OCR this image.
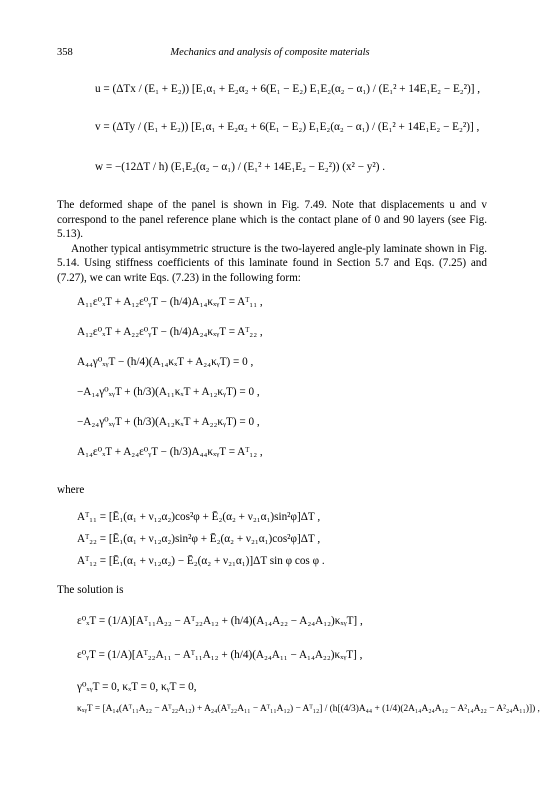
358	Mechanics and analysis of composite materials
u = (ΔTx / (E₁ + E₂)) [E₁α₁ + E₂α₂ + 6(E₁ − E₂) E₁E₂(α₂ − α₁) / (E₁² + 14E₁E₂ − E₂²)] ,
v = (ΔTy / (E₁ + E₂)) [E₁α₁ + E₂α₂ + 6(E₁ − E₂) E₁E₂(α₂ − α₁) / (E₁² + 14E₁E₂ − E₂²)] ,
w = −(12ΔT / h) (E₁E₂(α₂ − α₁) / (E₁² + 14E₁E₂ − E₂²)) (x² − y²) .

The deformed shape of the panel is shown in Fig. 7.49. Note that displacements u and v correspond to the panel reference plane which is the contact plane of 0 and 90 layers (see Fig. 5.13).

Another typical antisymmetric structure is the two-layered angle-ply laminate shown in Fig. 5.14. Using stiffness coefficients of this laminate found in Section 5.7 and Eqs. (7.25) and (7.27), we can write Eqs. (7.23) in the following form:

A₁₁ε⁰ₓT + A₁₂ε⁰ᵧT − (h/4)A₁₄κₓᵧT = Aᵀ₁₁ ,
A₁₂ε⁰ₓT + A₂₂ε⁰ᵧT − (h/4)A₂₄κₓᵧT = Aᵀ₂₂ ,
A₄₄γ⁰ₓᵧT − (h/4)(A₁₄κₓT + A₂₄κᵧT) = 0 ,
−A₁₄γ⁰ₓᵧT + (h/3)(A₁₁κₓT + A₁₂κᵧT) = 0 ,
−A₂₄γ⁰ₓᵧT + (h/3)(A₁₂κₓT + A₂₂κᵧT) = 0 ,
A₁₄ε⁰ₓT + A₂₄ε⁰ᵧT − (h/3)A₄₄κₓᵧT = Aᵀ₁₂ ,
where
Aᵀ₁₁ = [Ē₁(α₁ + ν₁₂α₂)cos²φ + Ē₂(α₂ + ν₂₁α₁)sin²φ]ΔT ,
Aᵀ₂₂ = [Ē₁(α₁ + ν₁₂α₂)sin²φ + Ē₂(α₂ + ν₂₁α₁)cos²φ]ΔT ,
Aᵀ₁₂ = [Ē₁(α₁ + ν₁₂α₂) − Ē₂(α₂ + ν₂₁α₁)]ΔT sin φ cos φ .
The solution is
ε⁰ₓT = (1/A)[Aᵀ₁₁A₂₂ − Aᵀ₂₂A₁₂ + (h/4)(A₁₄A₂₂ − A₂₄A₁₂)κₓᵧT] ,
ε⁰ᵧT = (1/A)[Aᵀ₂₂A₁₁ − Aᵀ₁₁A₁₂ + (h/4)(A₂₄A₁₁ − A₁₄A₂₂)κₓᵧT] ,
γ⁰ₓᵧT = 0, κₓT = 0, κᵧT = 0,
κₓᵧT = [A₁₄(Aᵀ₁₁A₂₂ − Aᵀ₂₂A₁₂) + A₂₄(Aᵀ₂₂A₁₁ − Aᵀ₁₁A₁₂) − Aᵀ₁₂] / (h[(4/3)A₄₄ + (1/4)(2A₁₄A₂₄A₁₂ − A²₁₄A₂₂ − A²₂₄A₁₁)]) ,
